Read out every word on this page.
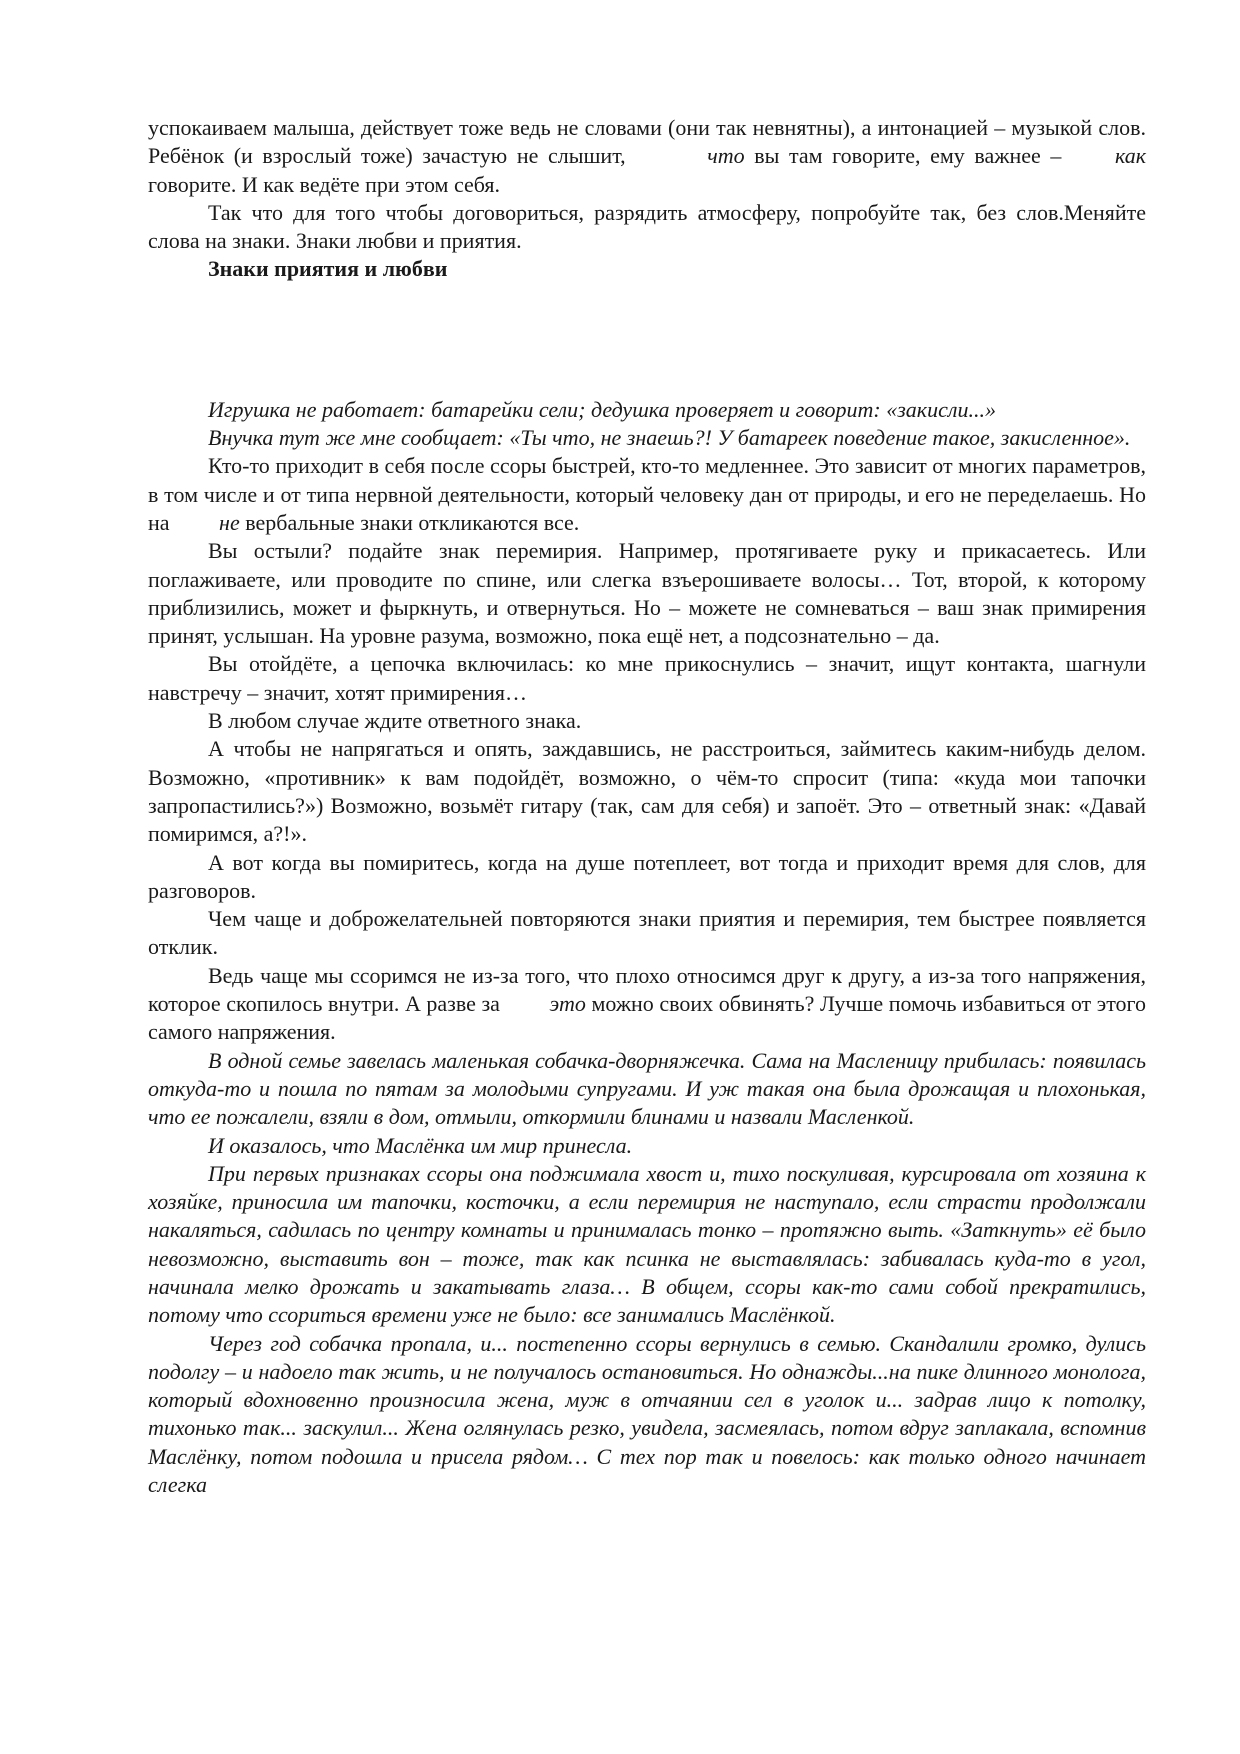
успокаиваем малыша, действует тоже ведь не словами (они так невнятны), а интонацией – музыкой слов. Ребёнок (и взрослый тоже) зачастую не слышит,	что вы там говорите, ему важнее – как говорите. И как ведёте при этом себя.

Так что для того чтобы договориться, разрядить атмосферу, попробуйте так, без слов.Меняйте слова на знаки. Знаки любви и приятия.

Знаки приятия и любви

Игрушка не работает: батарейки сели; дедушка проверяет и говорит: «закисли...»

Внучка тут же мне сообщает: «Ты что, не знаешь?! У батареек поведение такое, закисленное».

Кто-то приходит в себя после ссоры быстрей, кто-то медленнее. Это зависит от многих параметров, в том числе и от типа нервной деятельности, который человеку дан от природы, и его не переделаешь. Но на не вербальные знаки откликаются все.

Вы остыли? подайте знак перемирия. Например, протягиваете руку и прикасаетесь. Или поглаживаете, или проводите по спине, или слегка взъерошиваете волосы… Тот, второй, к которому приблизились, может и фыркнуть, и отвернуться. Но – можете не сомневаться – ваш знак примирения принят, услышан. На уровне разума, возможно, пока ещё нет, а подсознательно – да.

Вы отойдёте, а цепочка включилась: ко мне прикоснулись – значит, ищут контакта, шагнули навстречу – значит, хотят примирения…

В любом случае ждите ответного знака.

А чтобы не напрягаться и опять, заждавшись, не расстроиться, займитесь каким-нибудь делом. Возможно, «противник» к вам подойдёт, возможно, о чём-то спросит (типа: «куда мои тапочки запропастились?») Возможно, возьмёт гитару (так, сам для себя) и запоёт. Это – ответный знак: «Давай помиримся, а?!».

А вот когда вы помиритесь, когда на душе потеплеет, вот тогда и приходит время для слов, для разговоров.

Чем чаще и доброжелательней повторяются знаки приятия и перемирия, тем быстрее появляется отклик.

Ведь чаще мы ссоримся не из-за того, что плохо относимся друг к другу, а из-за того напряжения, которое скопилось внутри. А разве за это можно своих обвинять? Лучше помочь избавиться от этого самого напряжения.

В одной семье завелась маленькая собачка-дворняжечка. Сама на Масленицу прибилась: появилась откуда-то и пошла по пятам за молодыми супругами. И уж такая она была дрожащая и плохонькая, что ее пожалели, взяли в дом, отмыли, откормили блинами и назвали Масленкой.

И оказалось, что Маслёнка им мир принесла.

При первых признаках ссоры она поджимала хвост и, тихо поскуливая, курсировала от хозяина к хозяйке, приносила им тапочки, косточки, а если перемирия не наступало, если страсти продолжали накаляться, садилась по центру комнаты и принималась тонко – протяжно выть. «Заткнуть» её было невозможно, выставить вон – тоже, так как псинка не выставлялась: забивалась куда-то в угол, начинала мелко дрожать и закатывать глаза… В общем, ссоры как-то сами собой прекратились, потому что ссориться времени уже не было: все занимались Маслёнкой.

Через год собачка пропала, и... постепенно ссоры вернулись в семью. Скандалили громко, дулись подолгу – и надоело так жить, и не получалось остановиться. Но однажды...на пике длинного монолога, который вдохновенно произносила жена, муж в отчаянии сел в уголок и... задрав лицо к потолку, тихонько так... заскулил... Жена оглянулась резко, увидела, засмеялась, потом вдруг заплакала, вспомнив Маслёнку, потом подошла и присела рядом… С тех пор так и повелось: как только одного начинает слегка
